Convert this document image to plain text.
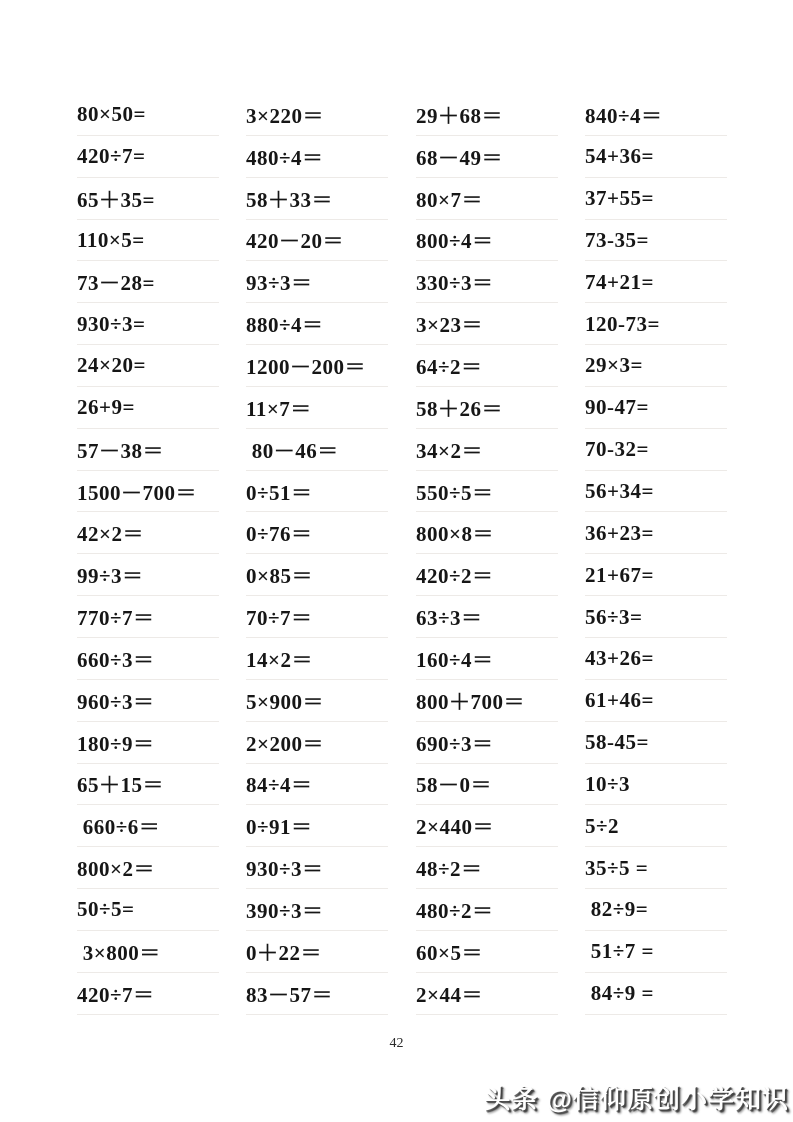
80×50=	3×220＝	29＋68＝	840÷4＝
420÷7=	480÷4＝	68－49＝	54+36=
65＋35=	58＋33＝	80×7＝	37+55=
110×5=	420－20＝	800÷4＝	73-35=
73－28=	93÷3＝	330÷3＝	74+21=
930÷3=	880÷4＝	3×23＝	120-73=
24×20=	1200－200＝	64÷2＝	29×3=
26+9=	11×7＝	58＋26＝	90-47=
57－38＝	80－46＝	34×2＝	70-32=
1500－700＝	0÷51＝	550÷5＝	56+34=
42×2＝	0÷76＝	800×8＝	36+23=
99÷3＝	0×85＝	420÷2＝	21+67=
770÷7＝	70÷7＝	63÷3＝	56÷3=
660÷3＝	14×2＝	160÷4＝	43+26=
960÷3＝	5×900＝	800＋700＝	61+46=
180÷9＝	2×200＝	690÷3＝	58-45=
65＋15＝	84÷4＝	58－0＝	10÷3
660÷6＝	0÷91＝	2×440＝	5÷2
800×2＝	930÷3＝	48÷2＝	35÷5 =
50÷5=	390÷3＝	480÷2＝	82÷9=
3×800＝	0＋22＝	60×5＝	51÷7 =
420÷7＝	83－57＝	2×44＝	84÷9 =
42
头条 @信仰原创小学知识
